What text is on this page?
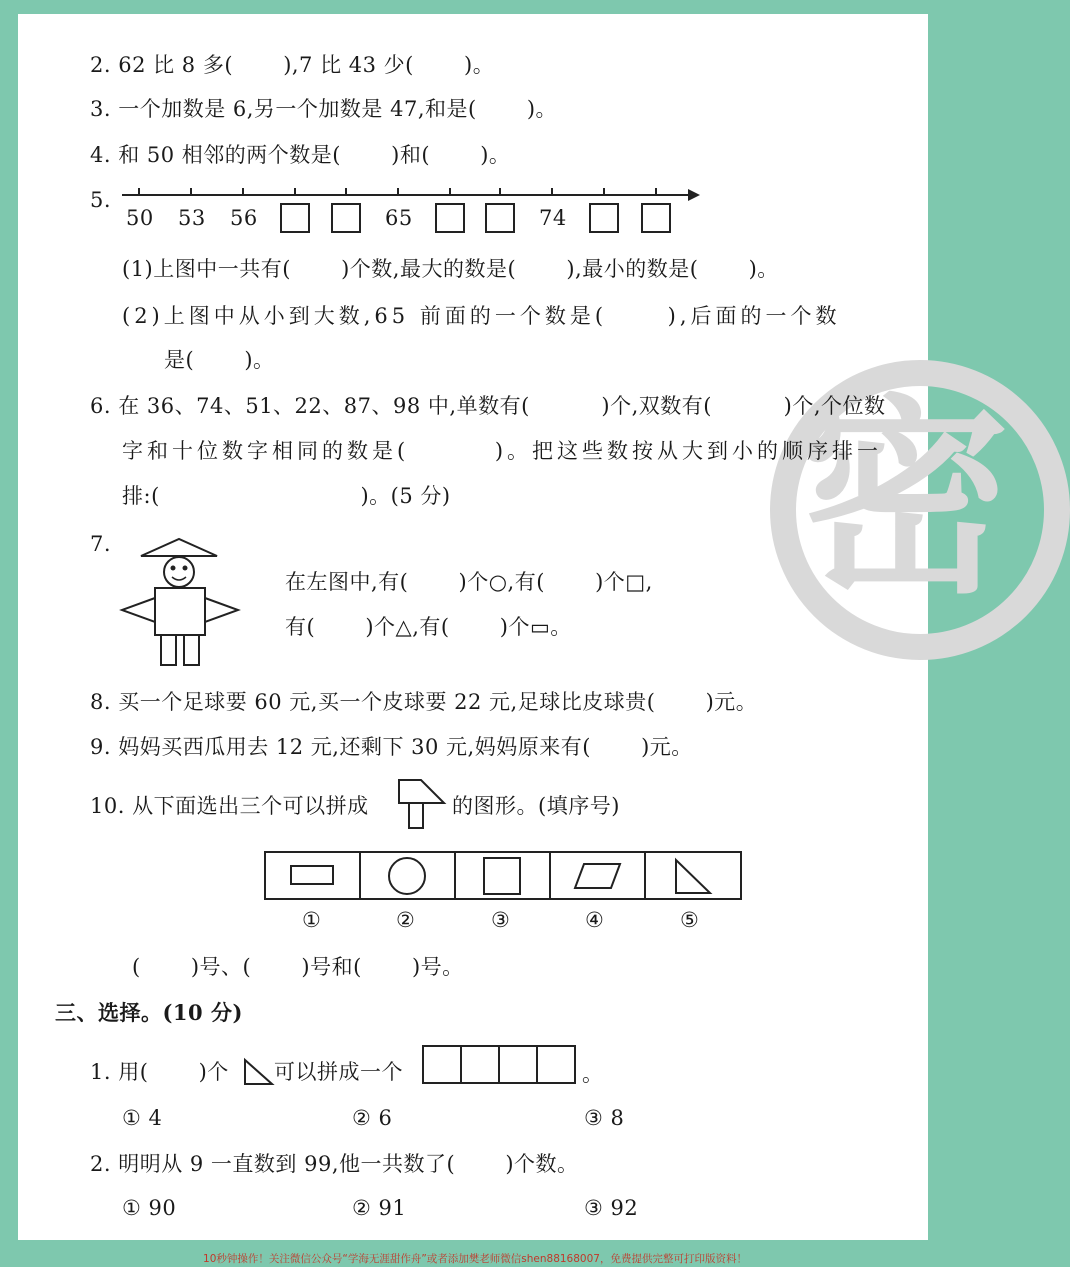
密
2. 62 比 8 多(　　 ),7 比 43 少(　　 )。
3. 一个加数是 6,另一个加数是 47,和是(　　 )。
4. 和 50 相邻的两个数是(　　 )和(　　 )。
5.
50 53 56	65	74
(1)上图中一共有(　　 )个数,最大的数是(　　 ),最小的数是(　　 )。
(2)上图中从小到大数,65 前面的一个数是(　　 ),后面的一个数
是(　　 )。
6. 在 36、74、51、22、87、98 中,单数有(　　　 )个,双数有(　　　 )个,个位数
字和十位数字相同的数是(　　　 )。把这些数按从大到小的顺序排一
排:(　　　　　　　　　 )。(5 分)
7.
在左图中,有(　　 )个○,有(　　 )个□,
有(　　 )个△,有(　　 )个▭。
8. 买一个足球要 60 元,买一个皮球要 22 元,足球比皮球贵(　　 )元。
9. 妈妈买西瓜用去 12 元,还剩下 30 元,妈妈原来有(　　 )元。
10. 从下面选出三个可以拼成	的图形。(填序号)
①	②	③	④	⑤
(　　 )号、(　　 )号和(　　 )号。
三、选择。(10 分)
1. 用(　　 )个 可以拼成一个	。
① 4	② 6	③ 8
2. 明明从 9 一直数到 99,他一共数了(　　 )个数。
① 90	② 91	③ 92
10秒钟操作！关注微信公众号“学海无涯甜作舟”或者添加樊老师微信shen88168007，免费提供完整可打印版资料！
